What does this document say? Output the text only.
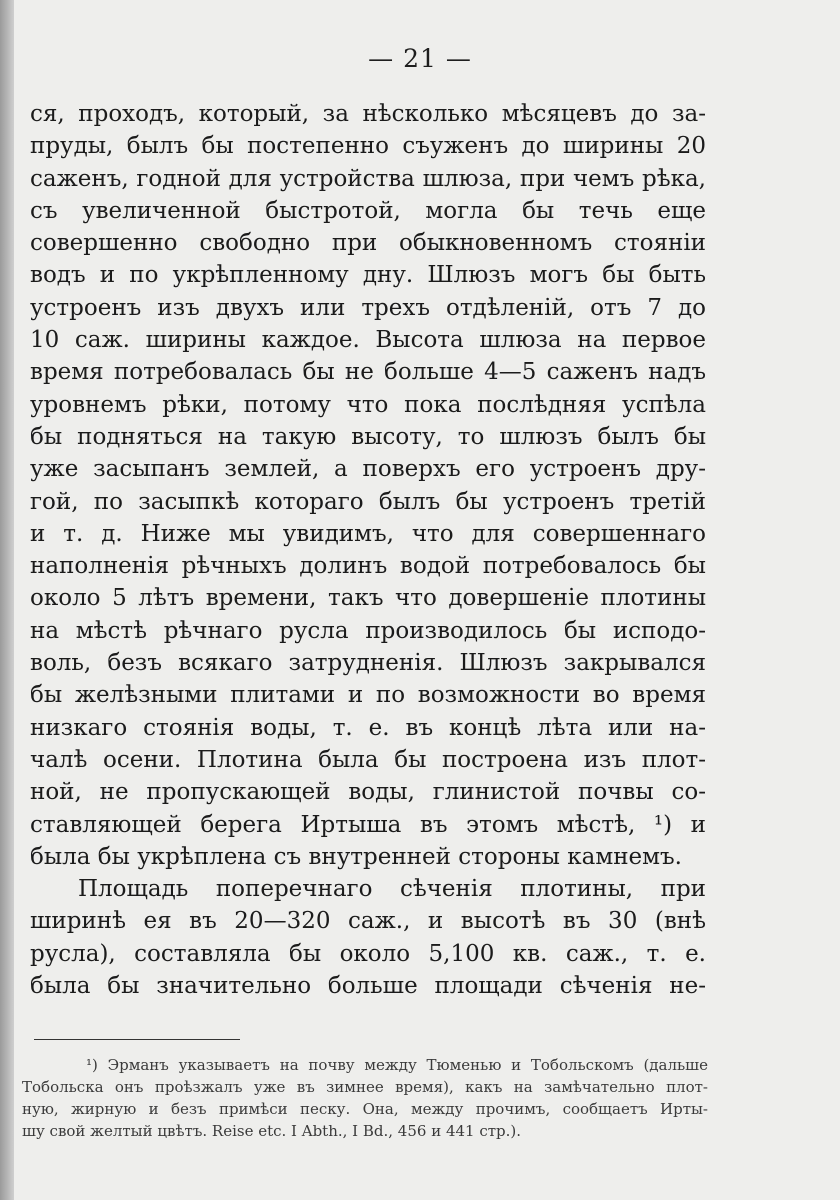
— 21 —
ся, проходъ, который, за нѣсколько мѣсяцевъ до за-
пруды, былъ бы постепенно съуженъ до ширины 20
саженъ, годной для устройства шлюза, при чемъ рѣка,
съ увеличенной быстротой, могла бы течь еще
совершенно свободно при обыкновенномъ стояніи
водъ и по укрѣпленному дну. Шлюзъ могъ бы быть
устроенъ изъ двухъ или трехъ отдѣленій, отъ 7 до
10 саж. ширины каждое. Высота шлюза на первое
время потребовалась бы не больше 4—5 саженъ надъ
уровнемъ рѣки, потому что пока послѣдняя успѣла
бы подняться на такую высоту, то шлюзъ былъ бы
уже засыпанъ землей, а поверхъ его устроенъ дру-
гой, по засыпкѣ котораго былъ бы устроенъ третій
и т. д. Ниже мы увидимъ, что для совершеннаго
наполненія рѣчныхъ долинъ водой потребовалось бы
около 5 лѣтъ времени, такъ что довершеніе плотины
на мѣстѣ рѣчнаго русла производилось бы исподо-
воль, безъ всякаго затрудненія. Шлюзъ закрывался
бы желѣзными плитами и по возможности во время
низкаго стоянія воды, т. е. въ концѣ лѣта или на-
чалѣ осени. Плотина была бы построена изъ плот-
ной, не пропускающей воды, глинистой почвы со-
ставляющей берега Иртыша въ этомъ мѣстѣ, ¹) и
была бы укрѣплена съ внутренней стороны камнемъ.
Площадь поперечнаго сѣченія плотины, при
ширинѣ ея въ 20—320 саж., и высотѣ въ 30 (внѣ
русла), составляла бы около 5,100 кв. саж., т. е.
была бы значительно больше площади сѣченія не-
¹) Эрманъ указываетъ на почву между Тюменью и Тобольскомъ (дальше
Тобольска онъ проѣзжалъ уже въ зимнее время), какъ на замѣчательно плот-
ную, жирную и безъ примѣси песку. Она, между прочимъ, сообщаетъ Ирты-
шу свой желтый цвѣтъ. Reise etc. I Abth., I Bd., 456 и 441 стр.).
